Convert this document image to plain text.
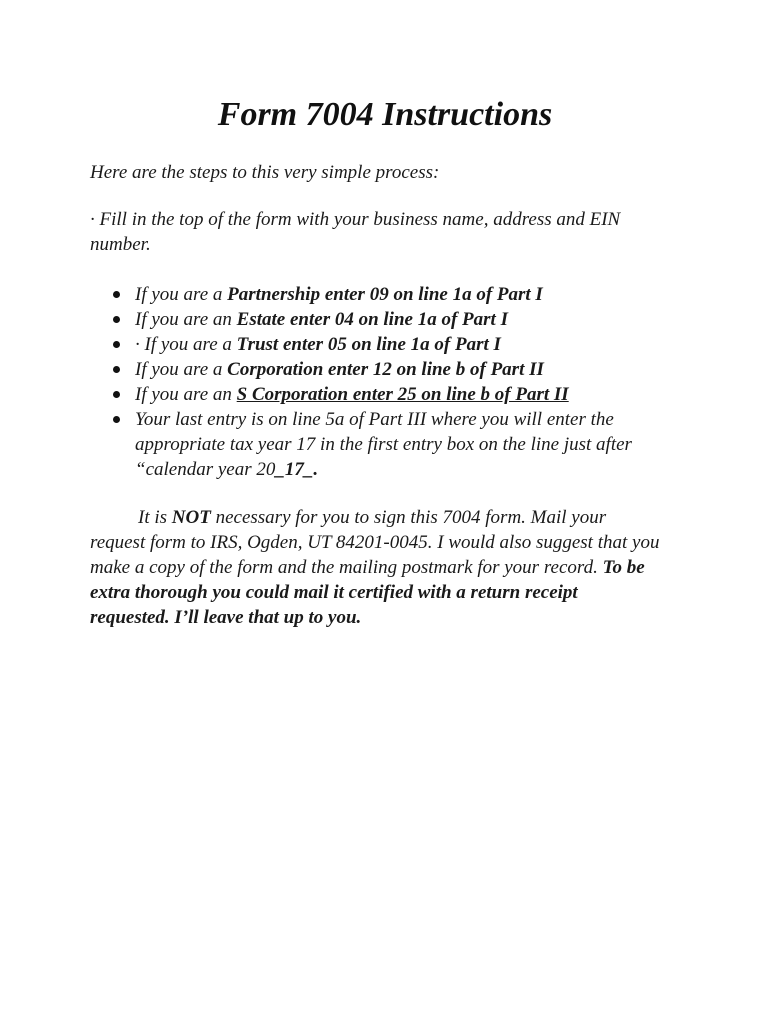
Form 7004 Instructions

Here are the steps to this very simple process:

· Fill in the top of the form with your business name, address and EIN number.

If you are a Partnership enter 09 on line 1a of Part I
If you are an Estate enter 04 on line 1a of Part I
· If you are a Trust enter 05 on line 1a of Part I
If you are a Corporation enter 12 on line b of Part II
If you are an S Corporation enter 25 on line b of Part II
Your last entry is on line 5a of Part III where you will enter the appropriate tax year 17 in the first entry box on the line just after “calendar year 20_17_.

It is NOT necessary for you to sign this 7004 form. Mail your request form to IRS, Ogden, UT 84201-0045. I would also suggest that you make a copy of the form and the mailing postmark for your record. To be extra thorough you could mail it certified with a return receipt requested. I’ll leave that up to you.
